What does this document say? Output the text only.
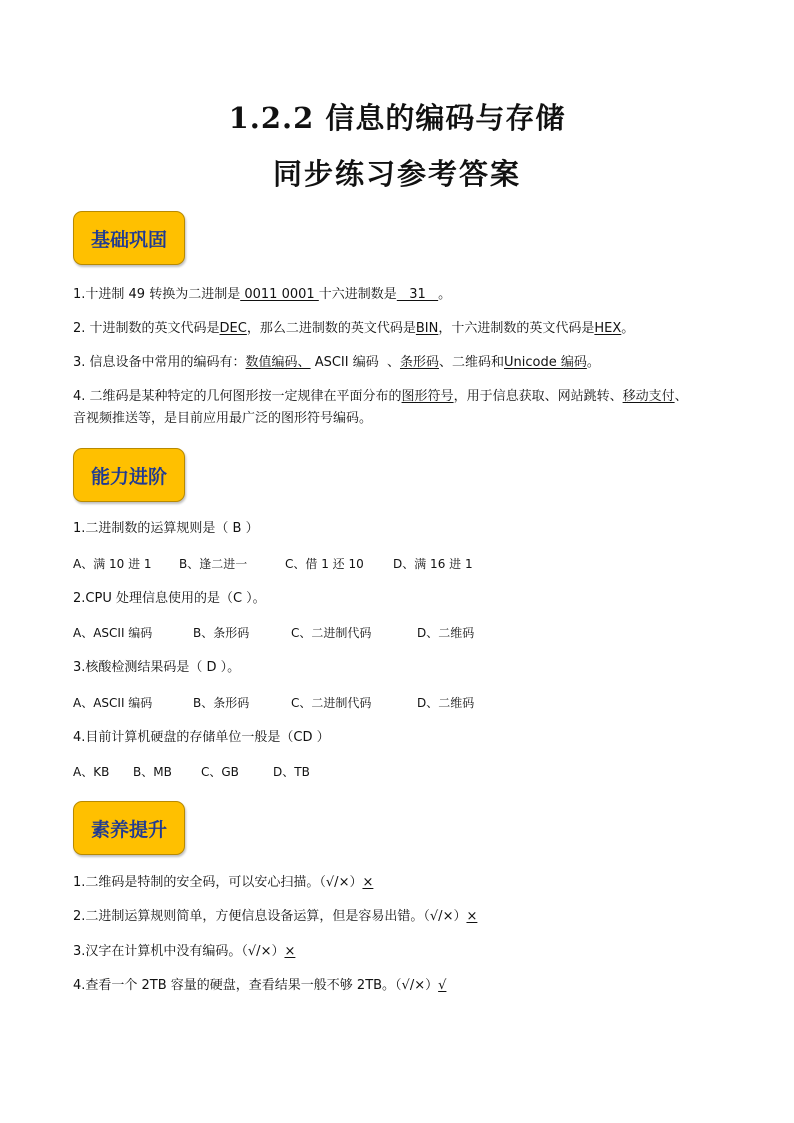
1.2.2 信息的编码与存储
同步练习参考答案
基础巩固
1.十进制 49 转换为二进制是 0011 0001 十六进制数是   31   。
2. 十进制数的英文代码是DEC，那么二进制数的英文代码是BIN，十六进制数的英文代码是HEX。
3. 信息设备中常用的编码有：数值编码、 ASCII 编码  、条形码、二维码和Unicode 编码。
4. 二维码是某种特定的几何图形按一定规律在平面分布的图形符号，用于信息获取、网站跳转、移动支付、
音视频推送等，是目前应用最广泛的图形符号编码。
能力进阶
1.二进制数的运算规则是（ B ）
A、满 10 进 1 B、逢二进一	C、借 1 还 10 D、满 16 进 1
2.CPU 处理信息使用的是（C ）。
A、ASCII 编码	B、条形码	C、二进制代码	D、二维码
3.核酸检测结果码是（ D ）。
A、ASCII 编码	B、条形码	C、二进制代码	D、二维码
4.目前计算机硬盘的存储单位一般是（CD ）
A、KB B、MB C、GB	D、TB
素养提升
1.二维码是特制的安全码，可以安心扫描。（√/×）×
2.二进制运算规则简单，方便信息设备运算，但是容易出错。（√/×）×
3.汉字在计算机中没有编码。（√/×）×
4.查看一个 2TB 容量的硬盘，查看结果一般不够 2TB。（√/×）√
